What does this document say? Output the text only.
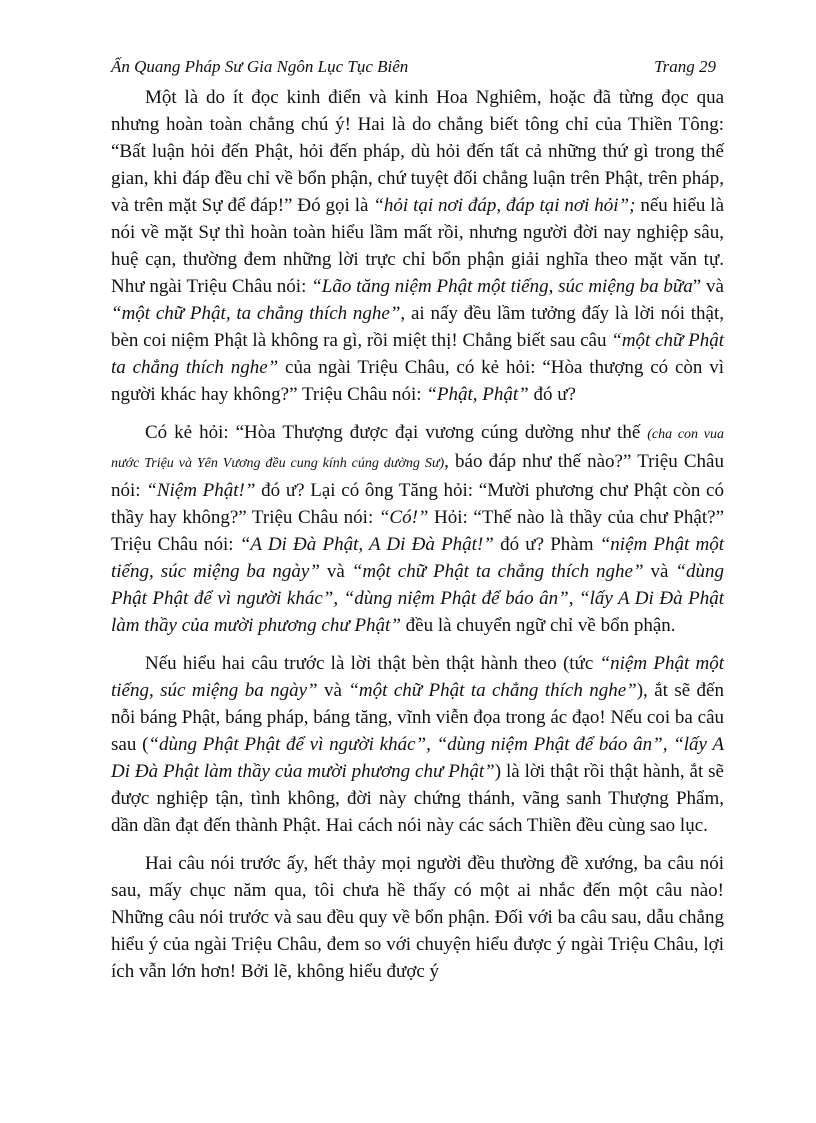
Ấn Quang Pháp Sư Gia Ngôn Lục Tục Biên	Trang 29

Một là do ít đọc kinh điển và kinh Hoa Nghiêm, hoặc đã từng đọc qua nhưng hoàn toàn chẳng chú ý! Hai là do chẳng biết tông chỉ của Thiền Tông: “Bất luận hỏi đến Phật, hỏi đến pháp, dù hỏi đến tất cả những thứ gì trong thế gian, khi đáp đều chỉ về bổn phận, chứ tuyệt đối chẳng luận trên Phật, trên pháp, và trên mặt Sự để đáp!” Đó gọi là “hỏi tại nơi đáp, đáp tại nơi hỏi”; nếu hiểu là nói về mặt Sự thì hoàn toàn hiểu lầm mất rồi, nhưng người đời nay nghiệp sâu, huệ cạn, thường đem những lời trực chỉ bổn phận giải nghĩa theo mặt văn tự. Như ngài Triệu Châu nói: “Lão tăng niệm Phật một tiếng, súc miệng ba bữa” và “một chữ Phật, ta chẳng thích nghe”, ai nấy đều lầm tưởng đấy là lời nói thật, bèn coi niệm Phật là không ra gì, rồi miệt thị! Chẳng biết sau câu “một chữ Phật ta chẳng thích nghe” của ngài Triệu Châu, có kẻ hỏi: “Hòa thượng có còn vì người khác hay không?” Triệu Châu nói: “Phật, Phật” đó ư?

Có kẻ hỏi: “Hòa Thượng được đại vương cúng dường như thế (cha con vua nước Triệu và Yên Vương đều cung kính cúng dường Sư), báo đáp như thế nào?” Triệu Châu nói: “Niệm Phật!” đó ư? Lại có ông Tăng hỏi: “Mười phương chư Phật còn có thầy hay không?” Triệu Châu nói: “Có!” Hỏi: “Thế nào là thầy của chư Phật?” Triệu Châu nói: “A Di Đà Phật, A Di Đà Phật!” đó ư? Phàm “niệm Phật một tiếng, súc miệng ba ngày” và “một chữ Phật ta chẳng thích nghe” và “dùng Phật Phật để vì người khác”, “dùng niệm Phật để báo ân”, “lấy A Di Đà Phật làm thầy của mười phương chư Phật” đều là chuyển ngữ chỉ về bổn phận.

Nếu hiểu hai câu trước là lời thật bèn thật hành theo (tức “niệm Phật một tiếng, súc miệng ba ngày” và “một chữ Phật ta chẳng thích nghe”), ắt sẽ đến nỗi báng Phật, báng pháp, báng tăng, vĩnh viễn đọa trong ác đạo! Nếu coi ba câu sau (“dùng Phật Phật để vì người khác”, “dùng niệm Phật để báo ân”, “lấy A Di Đà Phật làm thầy của mười phương chư Phật”) là lời thật rồi thật hành, ắt sẽ được nghiệp tận, tình không, đời này chứng thánh, vãng sanh Thượng Phẩm, dần dần đạt đến thành Phật. Hai cách nói này các sách Thiền đều cùng sao lục.

Hai câu nói trước ấy, hết thảy mọi người đều thường đề xướng, ba câu nói sau, mấy chục năm qua, tôi chưa hề thấy có một ai nhắc đến một câu nào! Những câu nói trước và sau đều quy về bổn phận. Đối với ba câu sau, dẫu chẳng hiểu ý của ngài Triệu Châu, đem so với chuyện hiểu được ý ngài Triệu Châu, lợi ích vẫn lớn hơn! Bởi lẽ, không hiểu được ý
